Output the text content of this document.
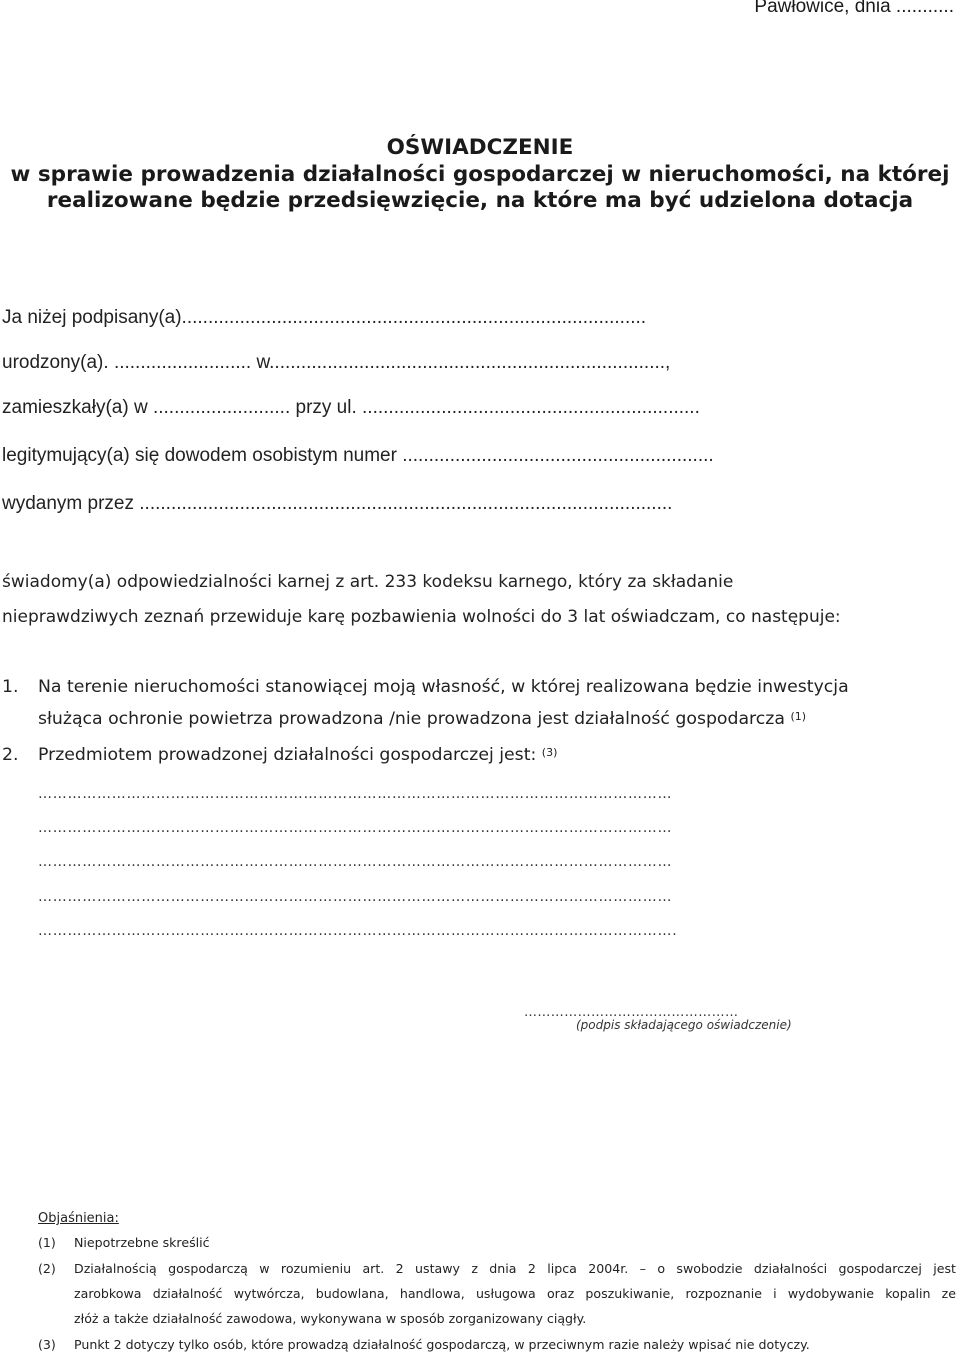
Pawłowice, dnia ...........
OŚWIADCZENIE
w sprawie prowadzenia działalności gospodarczej w nieruchomości, na której
realizowane będzie przedsięwzięcie, na które ma być udzielona dotacja
Ja niżej podpisany(a)........................................................................................
urodzony(a). .......................... w...........................................................................,
zamieszkały(a) w .......................... przy ul. ................................................................
legitymujący(a) się dowodem osobistym numer ...........................................................
wydanym przez .....................................................................................................
świadomy(a) odpowiedzialności karnej z art. 233 kodeksu karnego, który za składanie
nieprawdziwych zeznań przewiduje karę pozbawienia wolności do 3 lat oświadczam, co następuje:
1. Na terenie nieruchomości stanowiącej moją własność, w której realizowana będzie inwestycja
służąca ochronie powietrza prowadzona /nie prowadzona jest działalność gospodarcza $^{(1)}$
2. Przedmiotem prowadzonej działalności gospodarczej jest: $^{(3)}$
…………………………………………………………………………………………………………………
…………………………………………………………………………………………………………………
…………………………………………………………………………………………………………………
…………………………………………………………………………………………………………………
………………………………………………………………………………………………………………….
…………………………………………
(podpis składającego oświadczenie)
Objaśnienia:
(1) Niepotrzebne skreślić
(2) Działalnością gospodarczą w rozumieniu art. 2 ustawy z dnia 2 lipca 2004r. – o swobodzie działalności gospodarczej jest
zarobkowa działalność wytwórcza, budowlana, handlowa, usługowa oraz poszukiwanie, rozpoznanie i wydobywanie kopalin ze
złóż a także działalność zawodowa, wykonywana w sposób zorganizowany ciągły.
(3) Punkt 2 dotyczy tylko osób, które prowadzą działalność gospodarczą, w przeciwnym razie należy wpisać nie dotyczy.
